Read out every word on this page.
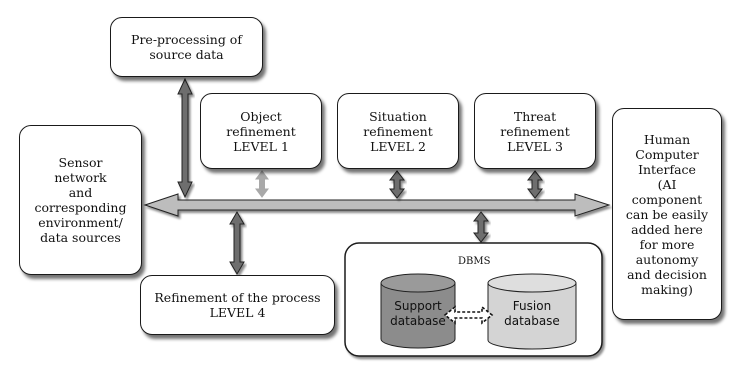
Pre-processing of
source data
Object
refinement
LEVEL 1
Situation
refinement
LEVEL 2
Threat
refinement
LEVEL 3
Sensor
network
and
corresponding
environment/
data sources
Human
Computer
Interface
(AI
component
can be easily
added here
for more
autonomy
and decision
making)
Refinement of the process
LEVEL 4
DBMS
Support
database
Fusion
database
